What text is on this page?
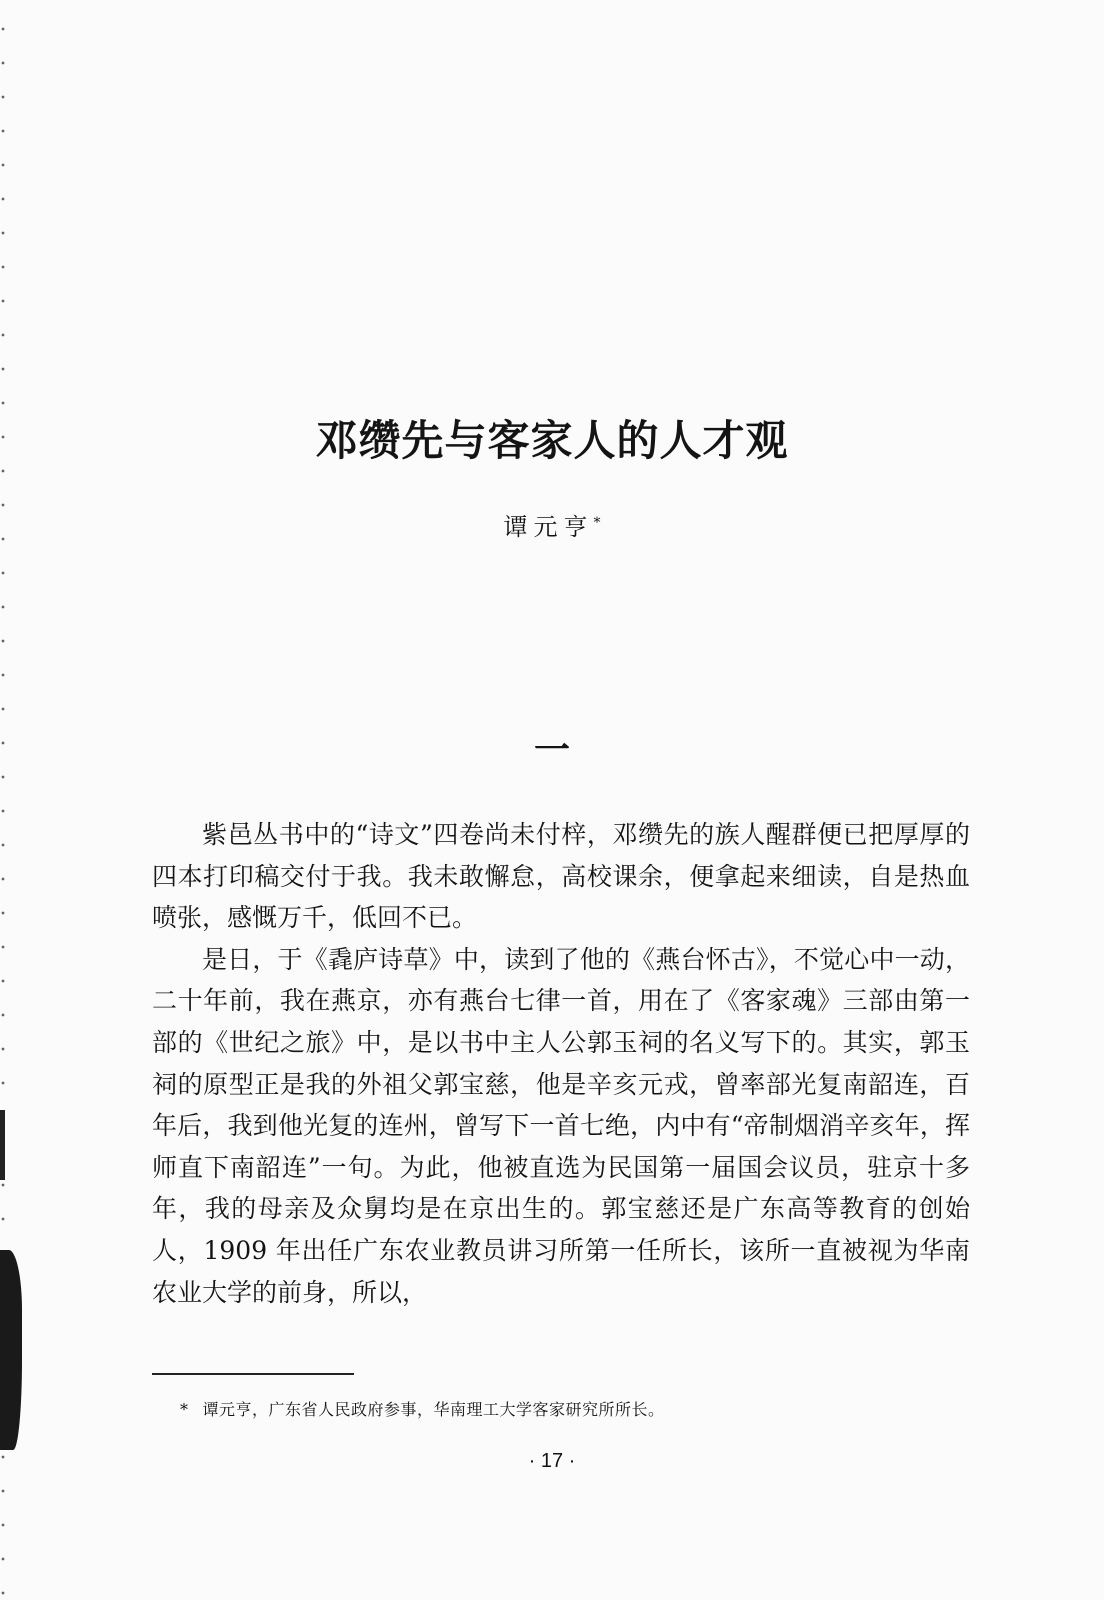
邓缵先与客家人的人才观
谭元亨*
一

紫邑丛书中的“诗文”四卷尚未付梓，邓缵先的族人醒群便已把厚厚的四本打印稿交付于我。我未敢懈怠，高校课余，便拿起来细读，自是热血喷张，感慨万千，低回不已。

是日，于《毳庐诗草》中，读到了他的《燕台怀古》，不觉心中一动，二十年前，我在燕京，亦有燕台七律一首，用在了《客家魂》三部由第一部的《世纪之旅》中，是以书中主人公郭玉祠的名义写下的。其实，郭玉祠的原型正是我的外祖父郭宝慈，他是辛亥元戎，曾率部光复南韶连，百年后，我到他光复的连州，曾写下一首七绝，内中有“帝制烟消辛亥年，挥师直下南韶连”一句。为此，他被直选为民国第一届国会议员，驻京十多年，我的母亲及众舅均是在京出生的。郭宝慈还是广东高等教育的创始人，1909 年出任广东农业教员讲习所第一任所长，该所一直被视为华南农业大学的前身，所以，

* 谭元亨，广东省人民政府参事，华南理工大学客家研究所所长。
· 17 ·
